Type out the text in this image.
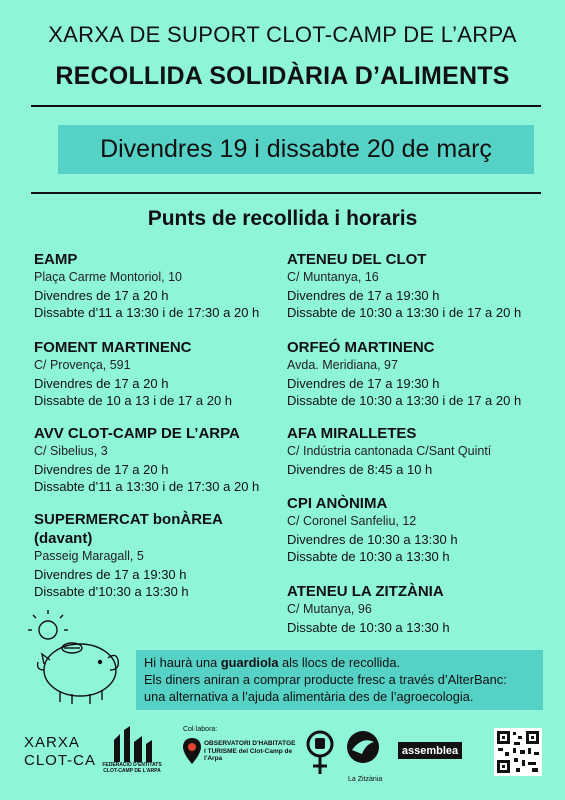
XARXA DE SUPORT CLOT-CAMP DE L’ARPA
RECOLLIDA SOLIDÀRIA D’ALIMENTS
Divendres 19 i dissabte 20 de març
Punts de recollida i horaris
EAMP
Plaça Carme Montoriol, 10
Divendres de 17 a 20 h
Dissabte d’11 a 13:30 i de 17:30 a 20 h
FOMENT MARTINENC
C/ Provença, 591
Divendres de 17 a 20 h
Dissabte de 10 a 13 i de 17 a 20 h
AVV CLOT-CAMP DE L’ARPA
C/ Sibelius, 3
Divendres de 17 a 20 h
Dissabte d’11 a 13:30 i de 17:30 a 20 h
SUPERMERCAT bonÀREA
(davant)
Passeig Maragall, 5
Divendres de 17 a 19:30 h
Dissabte d’10:30 a 13:30 h
ATENEU DEL CLOT
C/ Muntanya, 16
Divendres de 17 a 19:30 h
Dissabte de 10:30 a 13:30 i de 17 a 20 h
ORFEÓ MARTINENC
Avda. Meridiana, 97
Divendres de 17 a 19:30 h
Dissabte de 10:30 a 13:30 i de 17 a 20 h
AFA MIRALLETES
C/ Indústria cantonada C/Sant Quintí
Divendres de 8:45 a 10 h
CPI ANÒNIMA
C/ Coronel Sanfeliu, 12
Divendres de 10:30 a 13:30 h
Dissabte de 10:30 a 13:30 h
ATENEU LA ZITZÀNIA
C/ Mutanya, 96
Dissabte de 10:30 a 13:30 h
Hi haurà una guardiola als llocs de recollida.
Els diners aniran a comprar producte fresc a través d’AlterBanc:
una alternativa a l’ajuda alimentària des de l’agroecologia.
XARXA
CLOT-CA FEDERACIÓ D'ENTITATS CLOT-CAMP DE L'ARPA
Col·labora:
OBSERVATORI D'HABITATGE I TURISME del Clot-Camp de l'Arpa
La Zitzània
assemblea
